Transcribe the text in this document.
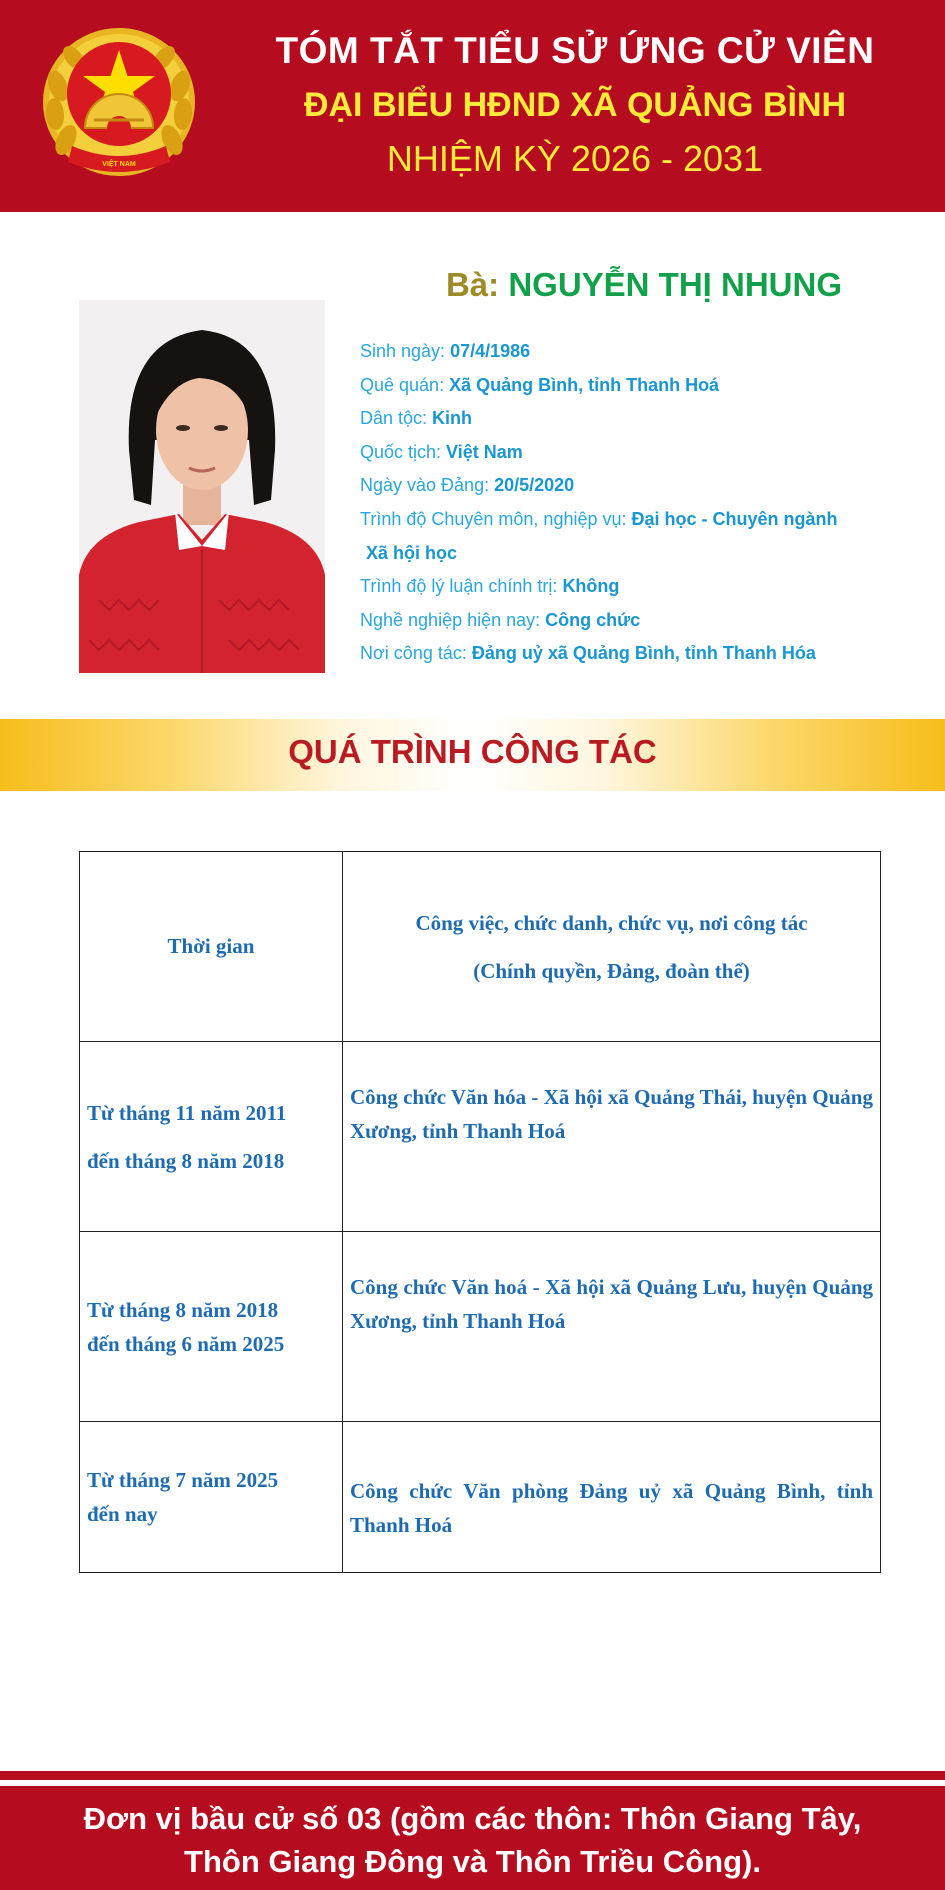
VIỆT NAM
TÓM TẮT TIỂU SỬ ỨNG CỬ VIÊN
ĐẠI BIỂU HĐND XÃ QUẢNG BÌNH
NHIỆM KỲ 2026 - 2031
Bà: NGUYỄN THỊ NHUNG
Sinh ngày: 07/4/1986
Quê quán: Xã Quảng Bình, tỉnh Thanh Hoá
Dân tộc: Kinh
Quốc tịch: Việt Nam
Ngày vào Đảng: 20/5/2020
Trình độ Chuyên môn, nghiệp vụ: Đại học - Chuyên ngành
Xã hội học
Trình độ lý luận chính trị: Không
Nghề nghiệp hiện nay: Công chức
Nơi công tác: Đảng uỷ xã Quảng Bình, tỉnh Thanh Hóa
QUÁ TRÌNH CÔNG TÁC
Thời gian	Công việc, chức danh, chức vụ, nơi công tác
(Chính quyền, Đảng, đoàn thể)

Từ tháng 11 năm 2011
đến tháng 8 năm 2018	Công chức Văn hóa - Xã hội xã Quảng Thái, huyện Quảng Xương, tỉnh Thanh Hoá

Từ tháng 8 năm 2018
đến tháng 6 năm 2025	Công chức Văn hoá - Xã hội xã Quảng Lưu, huyện Quảng Xương, tỉnh Thanh Hoá

Từ tháng 7 năm 2025
đến nay	Công chức Văn phòng Đảng uỷ xã Quảng Bình, tỉnh Thanh Hoá
Đơn vị bầu cử số 03 (gồm các thôn: Thôn Giang Tây,
Thôn Giang Đông và Thôn Triều Công).
